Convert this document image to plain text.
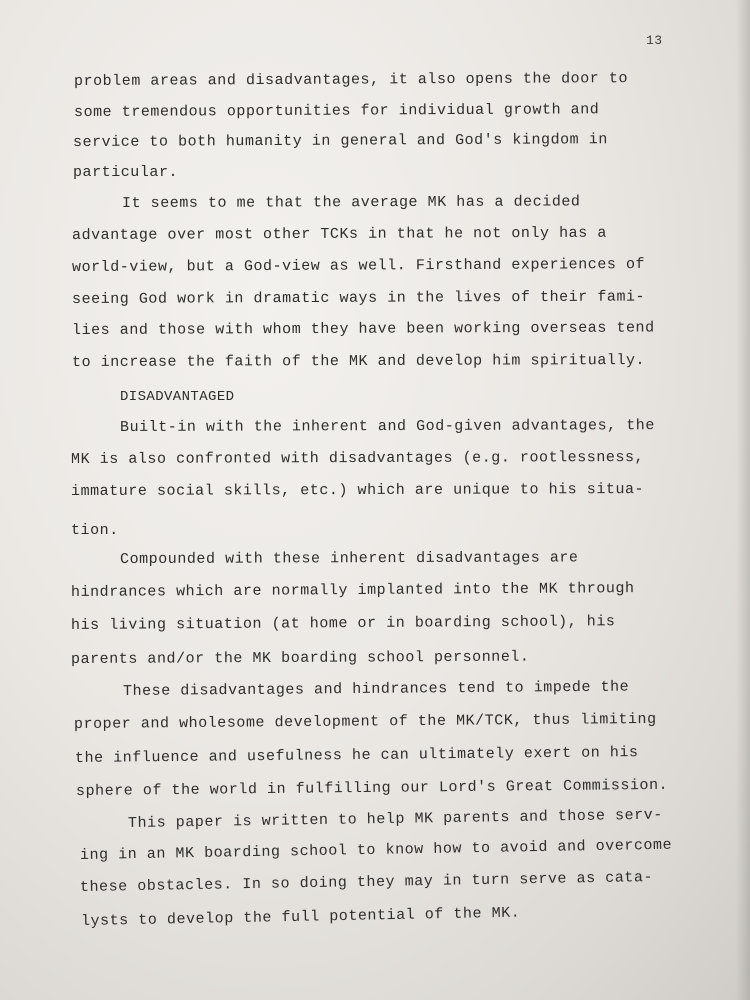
13
problem areas and disadvantages, it also opens the door to
some tremendous opportunities for individual growth and
service to both humanity in general and God's kingdom in
particular.
It seems to me that the average MK has a decided
advantage over most other TCKs in that he not only has a
world-view, but a God-view as well. Firsthand experiences of
seeing God work in dramatic ways in the lives of their fami-
lies and those with whom they have been working overseas tend
to increase the faith of the MK and develop him spiritually.
DISADVANTAGED
Built-in with the inherent and God-given advantages, the
MK is also confronted with disadvantages (e.g. rootlessness,
immature social skills, etc.) which are unique to his situa-
tion.
Compounded with these inherent disadvantages are
hindrances which are normally implanted into the MK through
his living situation (at home or in boarding school), his
parents and/or the MK boarding school personnel.
These disadvantages and hindrances tend to impede the
proper and wholesome development of the MK/TCK, thus limiting
the influence and usefulness he can ultimately exert on his
sphere of the world in fulfilling our Lord's Great Commission.
This paper is written to help MK parents and those serv-
ing in an MK boarding school to know how to avoid and overcome
these obstacles. In so doing they may in turn serve as cata-
lysts to develop the full potential of the MK.
